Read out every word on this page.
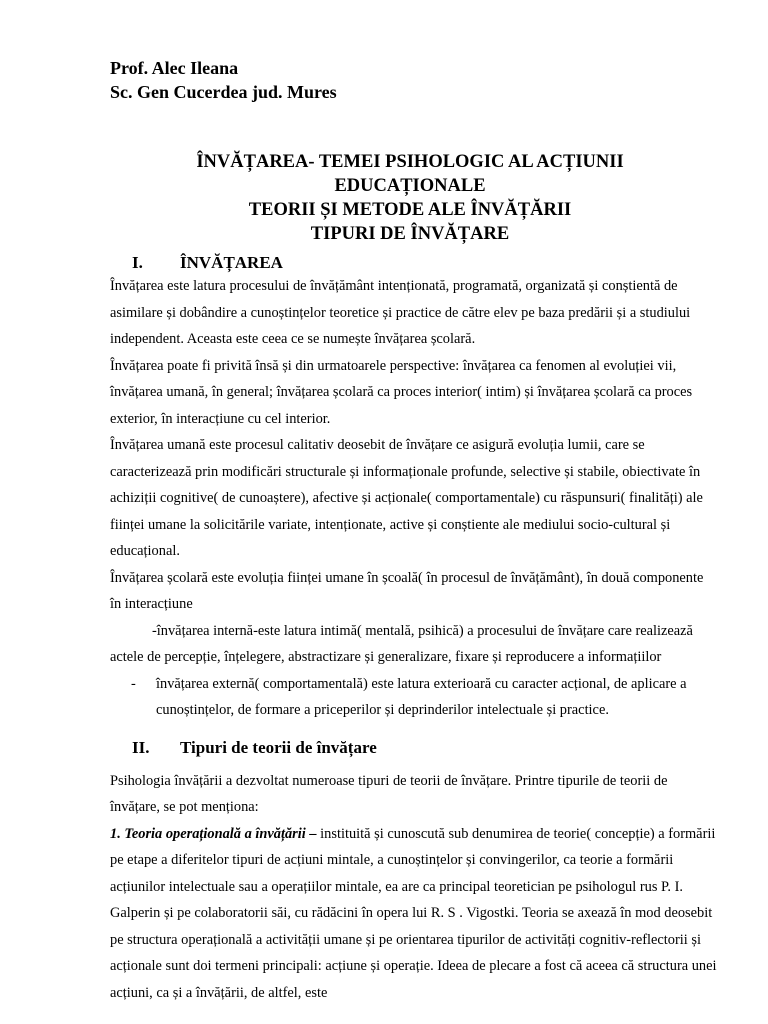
Prof. Alec Ileana
Sc. Gen Cucerdea jud. Mures
ÎNVĂȚAREA- TEMEI PSIHOLOGIC AL ACȚIUNII
EDUCAȚIONALE
TEORII ȘI METODE ALE ÎNVĂȚĂRII
TIPURI DE ÎNVĂȚARE
I.	ÎNVĂȚAREA

Învățarea este latura procesului de învățământ intenționată, programată, organizată și conștientă de asimilare și dobândire a cunoștințelor teoretice și practice de către elev pe baza predării și a studiului independent. Aceasta este ceea ce se numește învățarea școlară.

Învățarea poate fi privită însă și din urmatoarele perspective: învățarea ca fenomen al evoluției vii, învățarea umană, în general; învățarea școlară ca proces interior( intim) și învățarea școlară ca proces exterior, în interacțiune cu cel interior.

Învățarea umană este procesul calitativ deosebit de învățare ce asigură evoluția lumii, care se caracterizează prin modificări structurale și informaționale profunde, selective și stabile, obiectivate în achiziții cognitive( de cunoaștere), afective și acționale( comportamentale) cu răspunsuri( finalități) ale ființei umane la solicitările variate, intenționate, active și conștiente ale mediului socio-cultural și educațional.

Învățarea școlară este evoluția ființei umane în școală( în procesul de învățământ), în două componente în interacțiune

-învățarea internă-este latura intimă( mentală, psihică) a procesului de învățare care realizează actele de percepție, înțelegere, abstractizare și generalizare, fixare și reproducere a informațiilor

-	învățarea externă( comportamentală) este latura exterioară cu caracter acțional, de aplicare a cunoștințelor, de formare a priceperilor și deprinderilor intelectuale și practice.
II.	Tipuri de teorii de învățare

Psihologia învățării a dezvoltat numeroase tipuri de teorii de învățare. Printre tipurile de teorii de învățare, se pot menționa:

1. Teoria operațională a învățării – instituită și cunoscută sub denumirea de teorie( concepție) a formării pe etape a diferitelor tipuri de acțiuni mintale, a cunoștințelor și convingerilor, ca teorie a formării acțiunilor intelectuale sau a operațiilor mintale, ea are ca principal teoretician pe psihologul rus P. I. Galperin și pe colaboratorii săi, cu rădăcini în opera lui R. S . Vigostki. Teoria se axează în mod deosebit pe structura operațională a activității umane și pe orientarea tipurilor de activități cognitiv-reflectorii și acționale sunt doi termeni principali: acțiune și operație. Ideea de plecare a fost că aceea că structura unei acțiuni, ca și a învățării, de altfel, este
